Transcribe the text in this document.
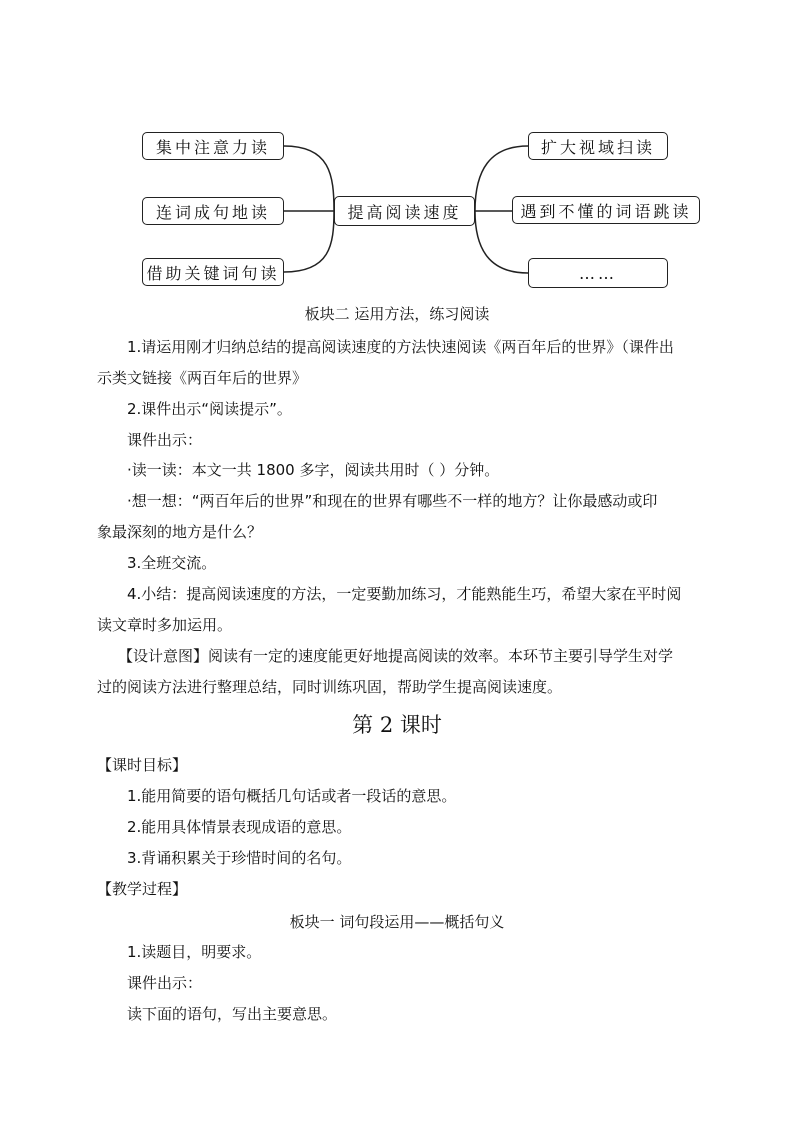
集中注意力读
连词成句地读
借助关键词句读
提高阅读速度
扩大视域扫读
遇到不懂的词语跳读
……
板块二 运用方法，练习阅读
1.请运用刚才归纳总结的提高阅读速度的方法快速阅读《两百年后的世界》（课件出
示类文链接《两百年后的世界》
2.课件出示“阅读提示”。
课件出示：
·读一读：本文一共 1800 多字，阅读共用时（ ）分钟。
·想一想：“两百年后的世界”和现在的世界有哪些不一样的地方？让你最感动或印
象最深刻的地方是什么？
3.全班交流。
4.小结：提高阅读速度的方法，一定要勤加练习，才能熟能生巧，希望大家在平时阅
读文章时多加运用。
【设计意图】阅读有一定的速度能更好地提高阅读的效率。本环节主要引导学生对学
过的阅读方法进行整理总结，同时训练巩固，帮助学生提高阅读速度。
第 2 课时
【课时目标】
1.能用简要的语句概括几句话或者一段话的意思。
2.能用具体情景表现成语的意思。
3.背诵积累关于珍惜时间的名句。
【教学过程】
板块一 词句段运用——概括句义
1.读题目，明要求。
课件出示：
读下面的语句，写出主要意思。
